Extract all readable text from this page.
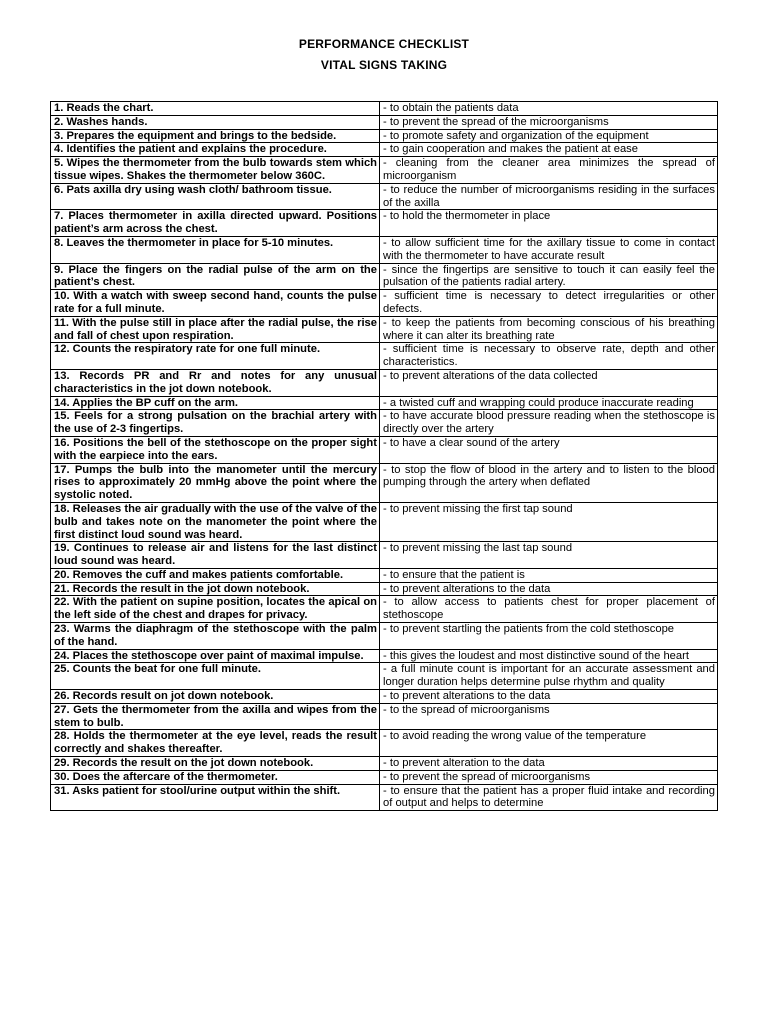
PERFORMANCE CHECKLIST
VITAL SIGNS TAKING
1. Reads the chart.	- to obtain the patients data
2. Washes hands.	- to prevent the spread of the microorganisms
3. Prepares the equipment and brings to the bedside.	- to promote safety and organization of the equipment
4. Identifies the patient and explains the procedure.	- to gain cooperation and makes the patient at ease
5. Wipes the thermometer from the bulb towards stem which tissue wipes. Shakes the thermometer below 360C.	- cleaning from the cleaner area minimizes the spread of microorganism
6. Pats axilla dry using wash cloth/ bathroom tissue.	- to reduce the number of microorganisms residing in the surfaces of the axilla
7. Places thermometer in axilla directed upward. Positions patient’s arm across the chest.	- to hold the thermometer in place
8. Leaves the thermometer in place for 5-10 minutes.	- to allow sufficient time for the axillary tissue to come in contact with the thermometer to have accurate result
9. Place the fingers on the radial pulse of the arm on the patient’s chest.	- since the fingertips are sensitive to touch it can easily feel the pulsation of the patients radial artery.
10. With a watch with sweep second hand, counts the pulse rate for a full minute.	- sufficient time is necessary to detect irregularities or other defects.
11. With the pulse still in place after the radial pulse, the rise and fall of chest upon respiration.	- to keep the patients from becoming conscious of his breathing where it can alter its breathing rate
12. Counts the respiratory rate for one full minute.	- sufficient time is necessary to observe rate, depth and other characteristics.
13. Records PR and Rr and notes for any unusual characteristics in the jot down notebook.	- to prevent alterations of the data collected
14. Applies the BP cuff on the arm.	- a twisted cuff and wrapping could produce inaccurate reading
15. Feels for a strong pulsation on the brachial artery with the use of 2-3 fingertips.	- to have accurate blood pressure reading when the stethoscope is directly over the artery
16. Positions the bell of the stethoscope on the proper sight with the earpiece into the ears.	- to have a clear sound of the artery
17. Pumps the bulb into the manometer until the mercury rises to approximately 20 mmHg above the point where the systolic noted.	- to stop the flow of blood in the artery and to listen to the blood pumping through the artery when deflated
18. Releases the air gradually with the use of the valve of the bulb and takes note on the manometer the point where the first distinct loud sound was heard.	- to prevent missing the first tap sound
19. Continues to release air and listens for the last distinct loud sound was heard.	- to prevent missing the last tap sound
20. Removes the cuff and makes patients comfortable.	- to ensure that the patient is
21. Records the result in the jot down notebook.	- to prevent alterations to the data
22. With the patient on supine position, locates the apical on the left side of the chest and drapes for privacy.	- to allow access to patients chest for proper placement of stethoscope
23. Warms the diaphragm of the stethoscope with the palm of the hand.	- to prevent startling the patients from the cold stethoscope
24. Places the stethoscope over paint of maximal impulse.	- this gives the loudest and most distinctive sound of the heart
25. Counts the beat for one full minute.	- a full minute count is important for an accurate assessment and longer duration helps determine pulse rhythm and quality
26. Records result on jot down notebook.	- to prevent alterations to the data
27. Gets the thermometer from the axilla and wipes from the stem to bulb.	- to the spread of microorganisms
28. Holds the thermometer at the eye level, reads the result correctly and shakes thereafter.	- to avoid reading the wrong value of the temperature
29. Records the result on the jot down notebook.	- to prevent alteration to the data
30. Does the aftercare of the thermometer.	- to prevent the spread of microorganisms
31. Asks patient for stool/urine output within the shift.	- to ensure that the patient has a proper fluid intake and recording of output and helps to determine
